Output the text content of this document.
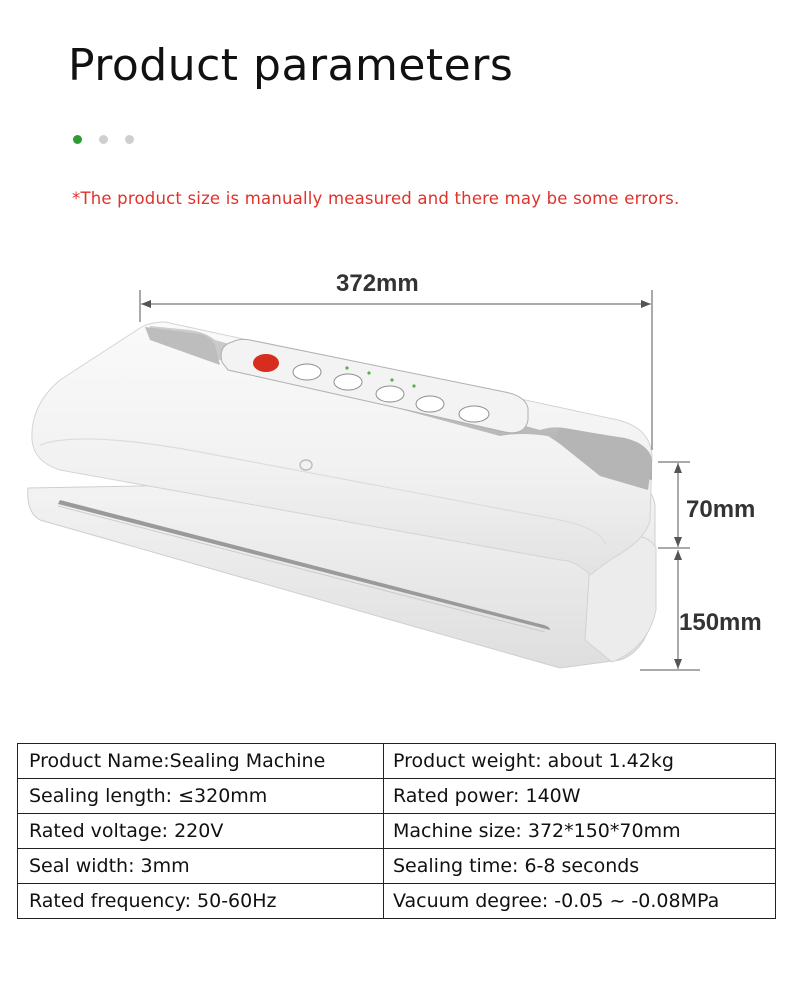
Product parameters
*The product size is manually measured and there may be some errors.
372mm
70mm
150mm
Product Name:Sealing Machine	Product weight: about 1.42kg
Sealing length: ≤320mm	Rated power: 140W
Rated voltage: 220V	Machine size: 372*150*70mm
Seal width: 3mm	Sealing time: 6-8 seconds
Rated frequency: 50-60Hz	Vacuum degree: -0.05 ~ -0.08MPa
